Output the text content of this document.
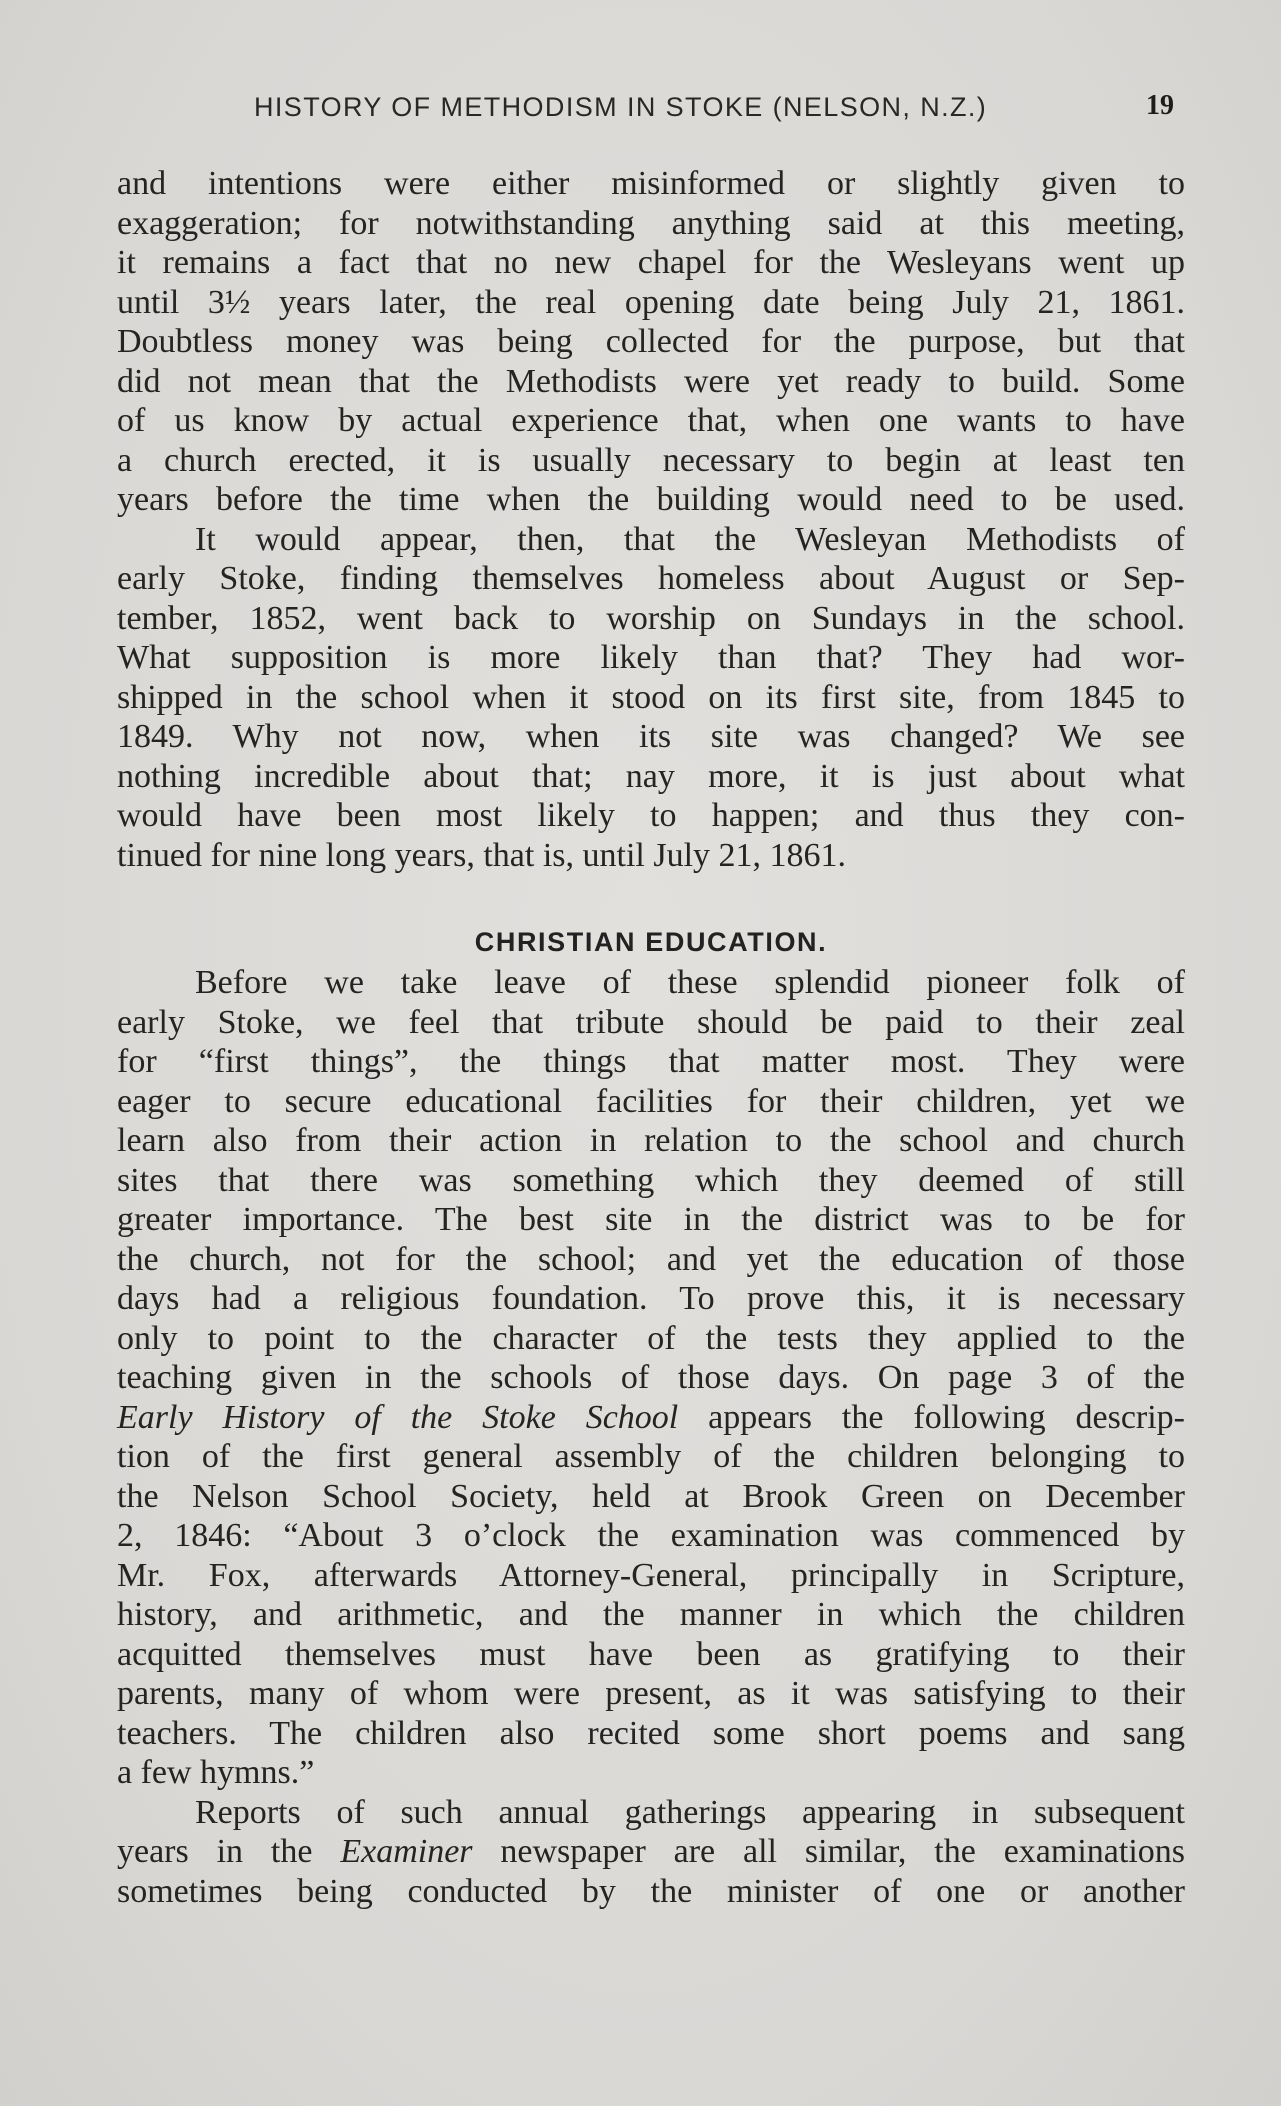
HISTORY OF METHODISM IN STOKE (NELSON, N.Z.)	19
and intentions were either misinformed or slightly given to
exaggeration; for notwithstanding anything said at this meeting,
it remains a fact that no new chapel for the Wesleyans went up
until 3½ years later, the real opening date being July 21, 1861.
Doubtless money was being collected for the purpose, but that
did not mean that the Methodists were yet ready to build. Some
of us know by actual experience that, when one wants to have
a church erected, it is usually necessary to begin at least ten
years before the time when the building would need to be used.
It would appear, then, that the Wesleyan Methodists of
early Stoke, finding themselves homeless about August or Sep-
tember, 1852, went back to worship on Sundays in the school.
What supposition is more likely than that? They had wor-
shipped in the school when it stood on its first site, from 1845 to
1849. Why not now, when its site was changed? We see
nothing incredible about that; nay more, it is just about what
would have been most likely to happen; and thus they con-
tinued for nine long years, that is, until July 21, 1861.
CHRISTIAN EDUCATION.
Before we take leave of these splendid pioneer folk of
early Stoke, we feel that tribute should be paid to their zeal
for “first things”, the things that matter most. They were
eager to secure educational facilities for their children, yet we
learn also from their action in relation to the school and church
sites that there was something which they deemed of still
greater importance. The best site in the district was to be for
the church, not for the school; and yet the education of those
days had a religious foundation. To prove this, it is necessary
only to point to the character of the tests they applied to the
teaching given in the schools of those days. On page 3 of the
Early History of the Stoke School appears the following descrip-
tion of the first general assembly of the children belonging to
the Nelson School Society, held at Brook Green on December
2, 1846: “About 3 o’clock the examination was commenced by
Mr. Fox, afterwards Attorney-General, principally in Scripture,
history, and arithmetic, and the manner in which the children
acquitted themselves must have been as gratifying to their
parents, many of whom were present, as it was satisfying to their
teachers. The children also recited some short poems and sang
a few hymns.”
Reports of such annual gatherings appearing in subsequent
years in the Examiner newspaper are all similar, the examinations
sometimes being conducted by the minister of one or another
